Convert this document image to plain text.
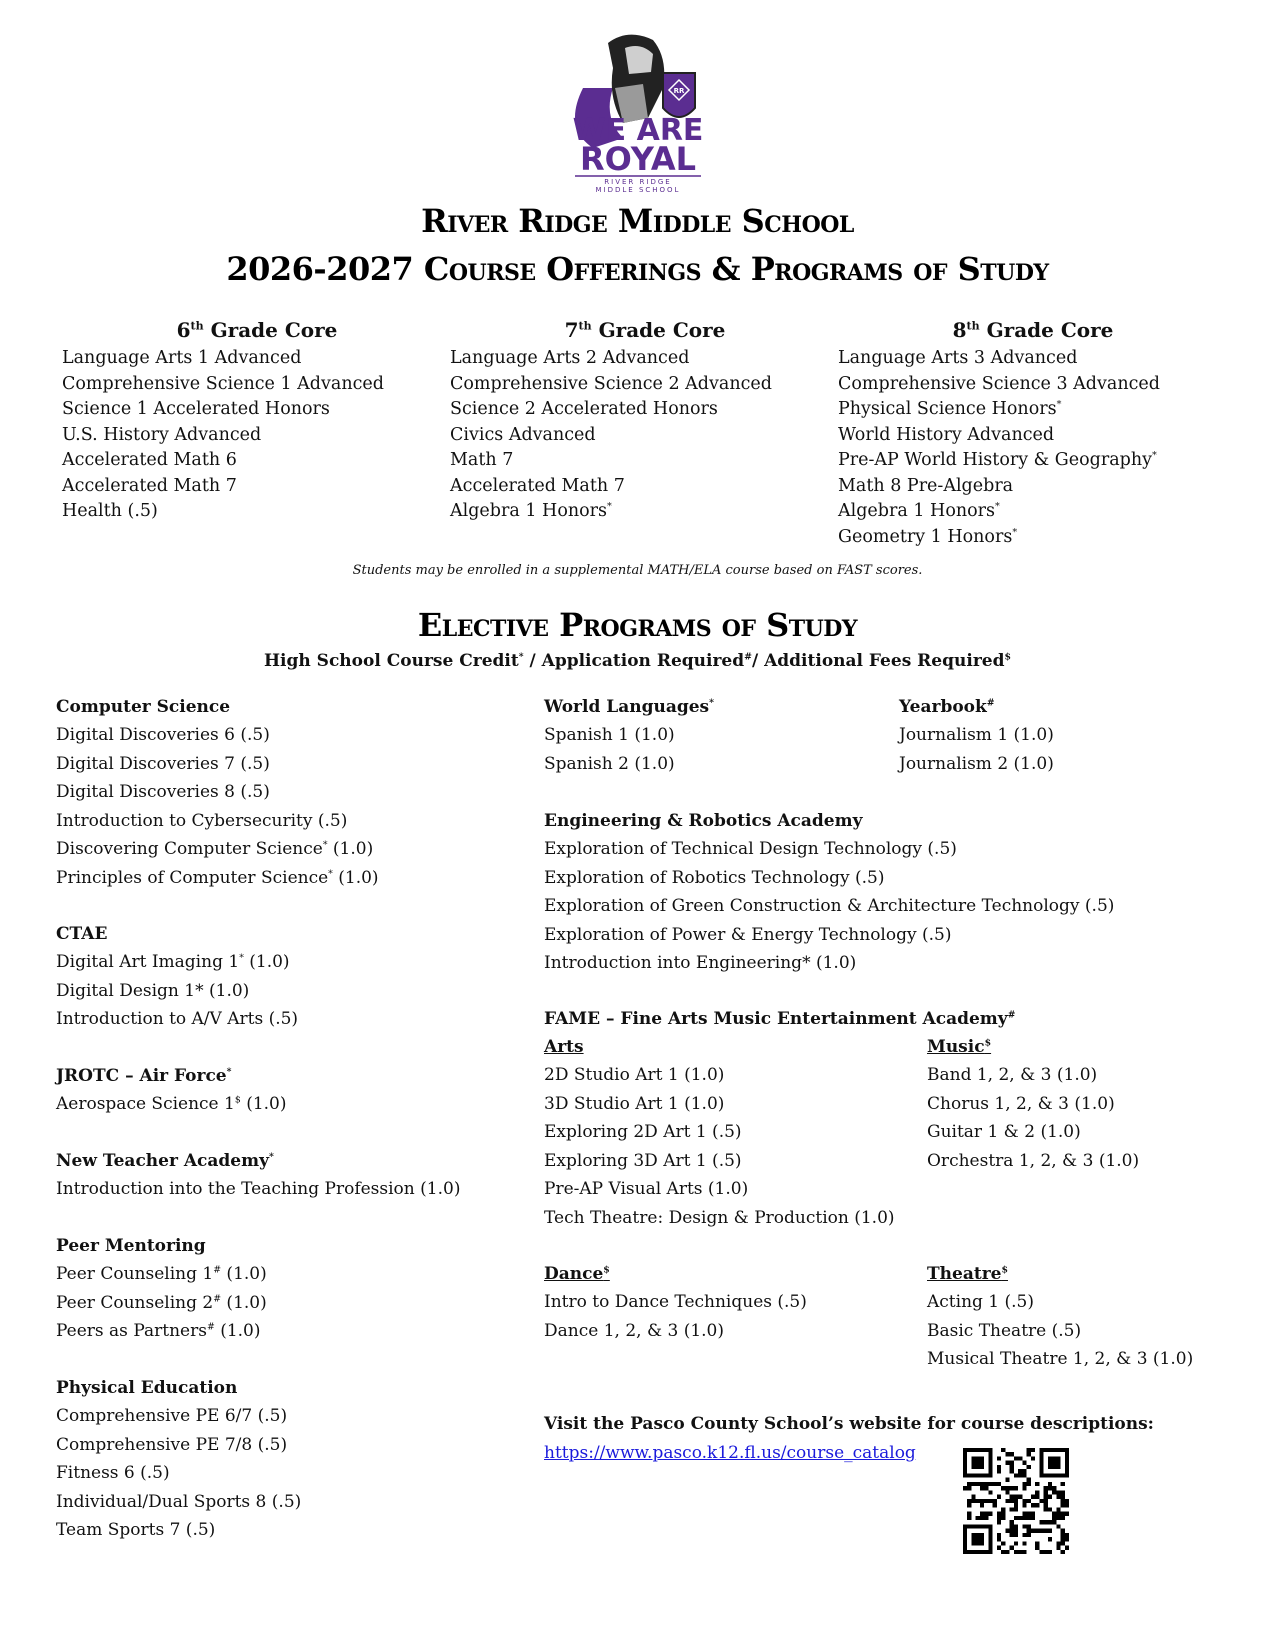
RR
WE ARE
ROYAL
RIVER RIDGE
MIDDLE SCHOOL
River Ridge Middle School
2026-2027 Course Offerings & Programs of Study
6th Grade Core
Language Arts 1 Advanced
Comprehensive Science 1 Advanced
Science 1 Accelerated Honors
U.S. History Advanced
Accelerated Math 6
Accelerated Math 7
Health (.5)
7th Grade Core
Language Arts 2 Advanced
Comprehensive Science 2 Advanced
Science 2 Accelerated Honors
Civics Advanced
Math 7
Accelerated Math 7
Algebra 1 Honors*
8th Grade Core
Language Arts 3 Advanced
Comprehensive Science 3 Advanced
Physical Science Honors*
World History Advanced
Pre-AP World History & Geography*
Math 8 Pre-Algebra
Algebra 1 Honors*
Geometry 1 Honors*
Students may be enrolled in a supplemental MATH/ELA course based on FAST scores.
Elective Programs of Study
High School Course Credit* / Application Required#/ Additional Fees Required$
Computer Science
Digital Discoveries 6 (.5)
Digital Discoveries 7 (.5)
Digital Discoveries 8 (.5)
Introduction to Cybersecurity (.5)
Discovering Computer Science* (1.0)
Principles of Computer Science* (1.0)
CTAE
Digital Art Imaging 1* (1.0)
Digital Design 1* (1.0)
Introduction to A/V Arts (.5)
JROTC – Air Force*
Aerospace Science 1$ (1.0)
New Teacher Academy*
Introduction into the Teaching Profession (1.0)
Peer Mentoring
Peer Counseling 1# (1.0)
Peer Counseling 2# (1.0)
Peers as Partners# (1.0)
Physical Education
Comprehensive PE 6/7 (.5)
Comprehensive PE 7/8 (.5)
Fitness 6 (.5)
Individual/Dual Sports 8 (.5)
Team Sports 7 (.5)
World Languages*
Spanish 1 (1.0)
Spanish 2 (1.0)
Yearbook#
Journalism 1 (1.0)
Journalism 2 (1.0)
Engineering & Robotics Academy
Exploration of Technical Design Technology (.5)
Exploration of Robotics Technology (.5)
Exploration of Green Construction & Architecture Technology (.5)
Exploration of Power & Energy Technology (.5)
Introduction into Engineering* (1.0)
FAME – Fine Arts Music Entertainment Academy#
Arts
2D Studio Art 1 (1.0)
3D Studio Art 1 (1.0)
Exploring 2D Art 1 (.5)
Exploring 3D Art 1 (.5)
Pre-AP Visual Arts (1.0)
Tech Theatre: Design & Production (1.0)
Music$
Band 1, 2, & 3 (1.0)
Chorus 1, 2, & 3 (1.0)
Guitar 1 & 2 (1.0)
Orchestra 1, 2, & 3 (1.0)
Dance$
Intro to Dance Techniques (.5)
Dance 1, 2, & 3 (1.0)
Theatre$
Acting 1 (.5)
Basic Theatre (.5)
Musical Theatre 1, 2, & 3 (1.0)
Visit the Pasco County School’s website for course descriptions:
https://www.pasco.k12.fl.us/course_catalog
